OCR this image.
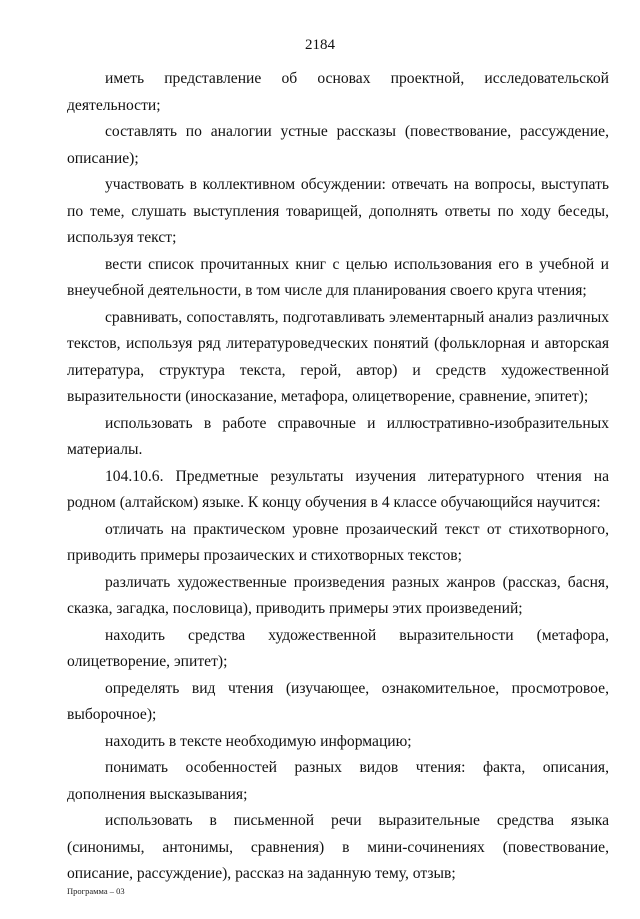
2184

иметь представление об основах проектной, исследовательской деятельности;

составлять по аналогии устные рассказы (повествование, рассуждение, описание);

участвовать в коллективном обсуждении: отвечать на вопросы, выступать по теме, слушать выступления товарищей, дополнять ответы по ходу беседы, используя текст;

вести список прочитанных книг с целью использования его в учебной и внеучебной деятельности, в том числе для планирования своего круга чтения;

сравнивать, сопоставлять, подготавливать элементарный анализ различных текстов, используя ряд литературоведческих понятий (фольклорная и авторская литература, структура текста, герой, автор) и средств художественной выразительности (иносказание, метафора, олицетворение, сравнение, эпитет);

использовать в работе справочные и иллюстративно-изобразительных материалы.

104.10.6. Предметные результаты изучения литературного чтения на родном (алтайском) языке. К концу обучения в 4 классе обучающийся научится:

отличать на практическом уровне прозаический текст от стихотворного, приводить примеры прозаических и стихотворных текстов;

различать художественные произведения разных жанров (рассказ, басня, сказка, загадка, пословица), приводить примеры этих произведений;

находить средства художественной выразительности (метафора, олицетворение, эпитет);

определять вид чтения (изучающее, ознакомительное, просмотровое, выборочное);

находить в тексте необходимую информацию;

понимать особенностей разных видов чтения: факта, описания, дополнения высказывания;

использовать в письменной речи выразительные средства языка (синонимы, антонимы, сравнения) в мини-сочинениях (повествование, описание, рассуждение), рассказ на заданную тему, отзыв;

Программа – 03
